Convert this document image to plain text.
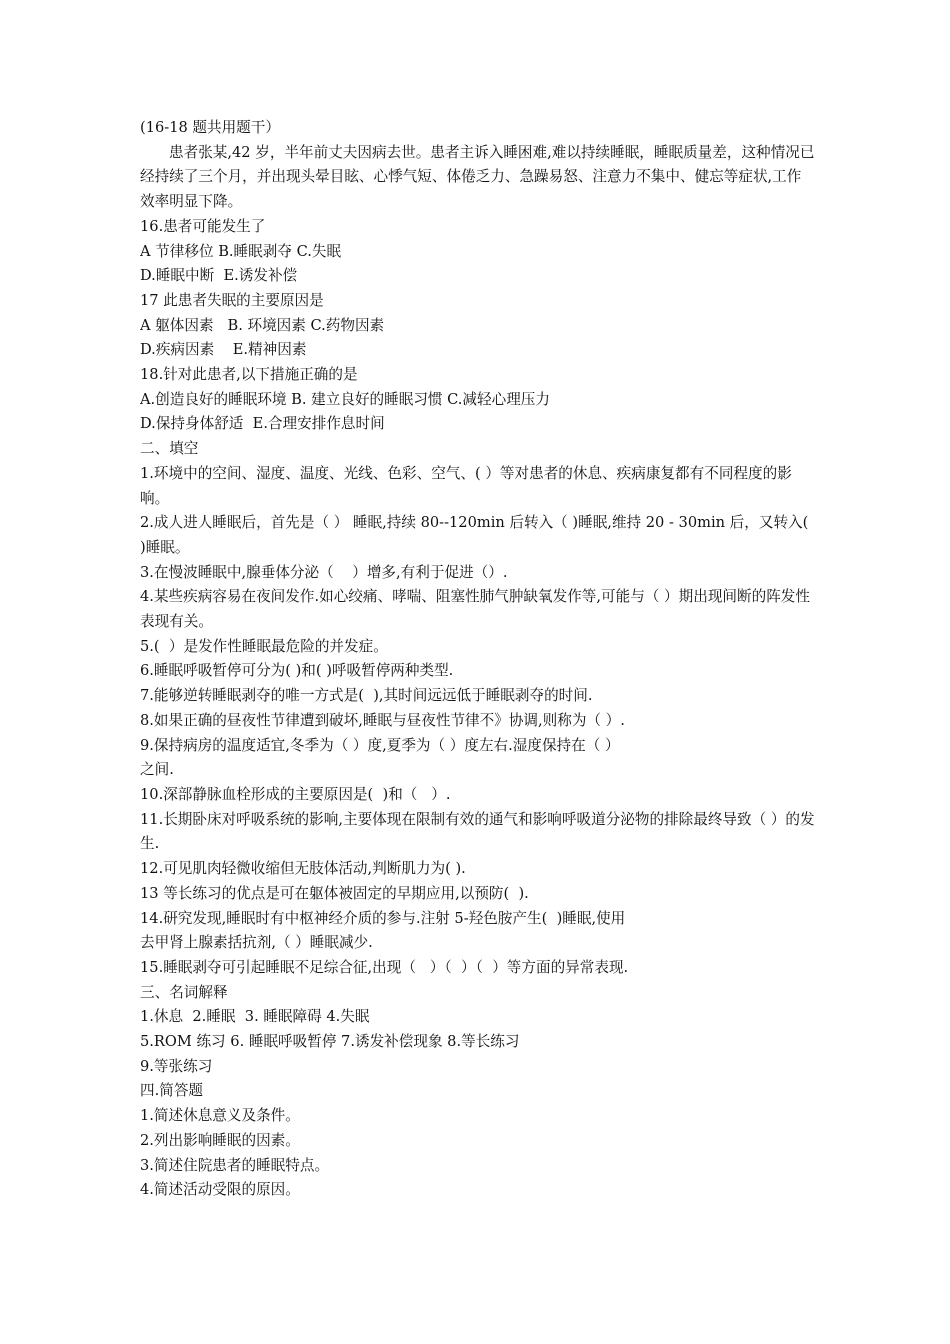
(16-18 题共用题干）

患者张某,42 岁，半年前丈夫因病去世。患者主诉入睡困难,难以持续睡眠，睡眠质量差，这种情况已经持续了三个月，并出现头晕目眩、心悸气短、体倦乏力、急躁易怒、注意力不集中、健忘等症状,工作效率明显下降。

16.患者可能发生了

A 节律移位 B.睡眠剥夺 C.失眠

D.睡眠中断  E.诱发补偿

17 此患者失眠的主要原因是

A 躯体因素   B. 环境因素 C.药物因素

D.疾病因素    E.精神因素

18.针对此患者,以下措施正确的是

A.创造良好的睡眠环境 B. 建立良好的睡眠习惯 C.减轻心理压力

D.保持身体舒适  E.合理安排作息时间

二、填空

1.环境中的空间、湿度、温度、光线、色彩、空气、( ）等对患者的休息、疾病康复都有不同程度的影响。

2.成人进人睡眠后，首先是（ ） 睡眠,持续 80--120min 后转入（ )睡眠,维持 20 - 30min 后，又转入( )睡眠。

3.在慢波睡眠中,腺垂体分泌（    ）增多,有利于促进（）.

4.某些疾病容易在夜间发作.如心绞痛、哮喘、阻塞性肺气肿缺氧发作等,可能与（ ）期出现间断的阵发性表现有关。

5.(  ）是发作性睡眠最危险的并发症。

6.睡眠呼吸暂停可分为( )和( )呼吸暂停两种类型.

7.能够逆转睡眠剥夺的唯一方式是(  ),其时间远远低于睡眠剥夺的时间.

8.如果正确的昼夜性节律遭到破坏,睡眠与昼夜性节律不》协调,则称为（ ）.

9.保持病房的温度适宜,冬季为（ ）度,夏季为（ ）度左右.湿度保持在（ ）

之间.

10.深部静脉血栓形成的主要原因是(  )和（   ）.

11.长期卧床对呼吸系统的影响,主要体现在限制有效的通气和影响呼吸道分泌物的排除最终导致（ ）的发生.

12.可见肌肉轻微收缩但无肢体活动,判断肌力为( ).

13 等长练习的优点是可在躯体被固定的早期应用,以预防(  ).

14.研究发现,睡眠时有中枢神经介质的参与.注射 5-羟色胺产生(  )睡眠,使用

去甲肾上腺素括抗剂,（ ）睡眠减少.

15.睡眠剥夺可引起睡眠不足综合征,出现（   ）（  ）（  ）等方面的异常表现.

三、名词解释

1.休息  2.睡眠  3. 睡眠障碍 4.失眠

5.ROM 练习 6. 睡眠呼吸暂停 7.诱发补偿现象 8.等长练习

9.等张练习

四.简答题

1.简述休息意义及条件。

2.列出影响睡眠的因素。

3.简述住院患者的睡眠特点。

4.简述活动受限的原因。
